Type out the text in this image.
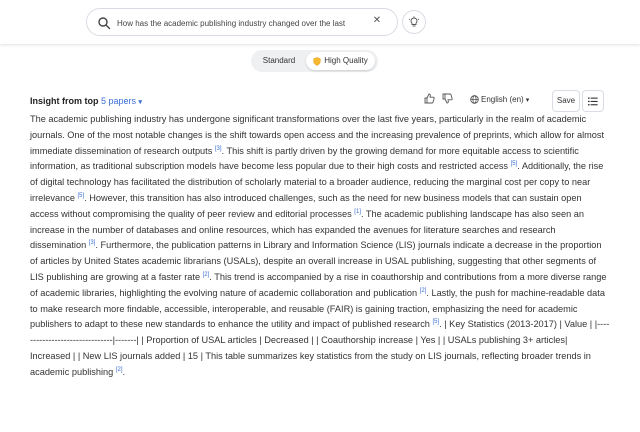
How has the academic publishing industry changed over the last five years?
✕
Standard	High Quality
Insight from top 5 papers ▾	English (en) ▾	Save
The academic publishing industry has undergone significant transformations over the last five years, particularly in the realm of academic journals. One of the most notable changes is the shift towards open access and the increasing prevalence of preprints, which allow for almost immediate dissemination of research outputs [3]. This shift is partly driven by the growing demand for more equitable access to scientific information, as traditional subscription models have become less popular due to their high costs and restricted access [5]. Additionally, the rise of digital technology has facilitated the distribution of scholarly material to a broader audience, reducing the marginal cost per copy to near irrelevance [5]. However, this transition has also introduced challenges, such as the need for new business models that can sustain open access without compromising the quality of peer review and editorial processes [1]. The academic publishing landscape has also seen an increase in the number of databases and online resources, which has expanded the avenues for literature searches and research dissemination [3]. Furthermore, the publication patterns in Library and Information Science (LIS) journals indicate a decrease in the proportion of articles by United States academic librarians (USALs), despite an overall increase in USAL publishing, suggesting that other segments of LIS publishing are growing at a faster rate [2]. This trend is accompanied by a rise in coauthorship and contributions from a more diverse range of academic libraries, highlighting the evolving nature of academic collaboration and publication [2]. Lastly, the push for machine-readable data to make research more findable, accessible, interoperable, and reusable (FAIR) is gaining traction, emphasizing the need for academic publishers to adapt to these new standards to enhance the utility and impact of published research [5]. | Key Statistics (2013-2017) | Value | |-------------------------------|-------| | Proportion of USAL articles | Decreased | | Coauthorship increase | Yes | | USALs publishing 3+ articles| Increased | | New LIS journals added | 15 | This table summarizes key statistics from the study on LIS journals, reflecting broader trends in academic publishing [2].
